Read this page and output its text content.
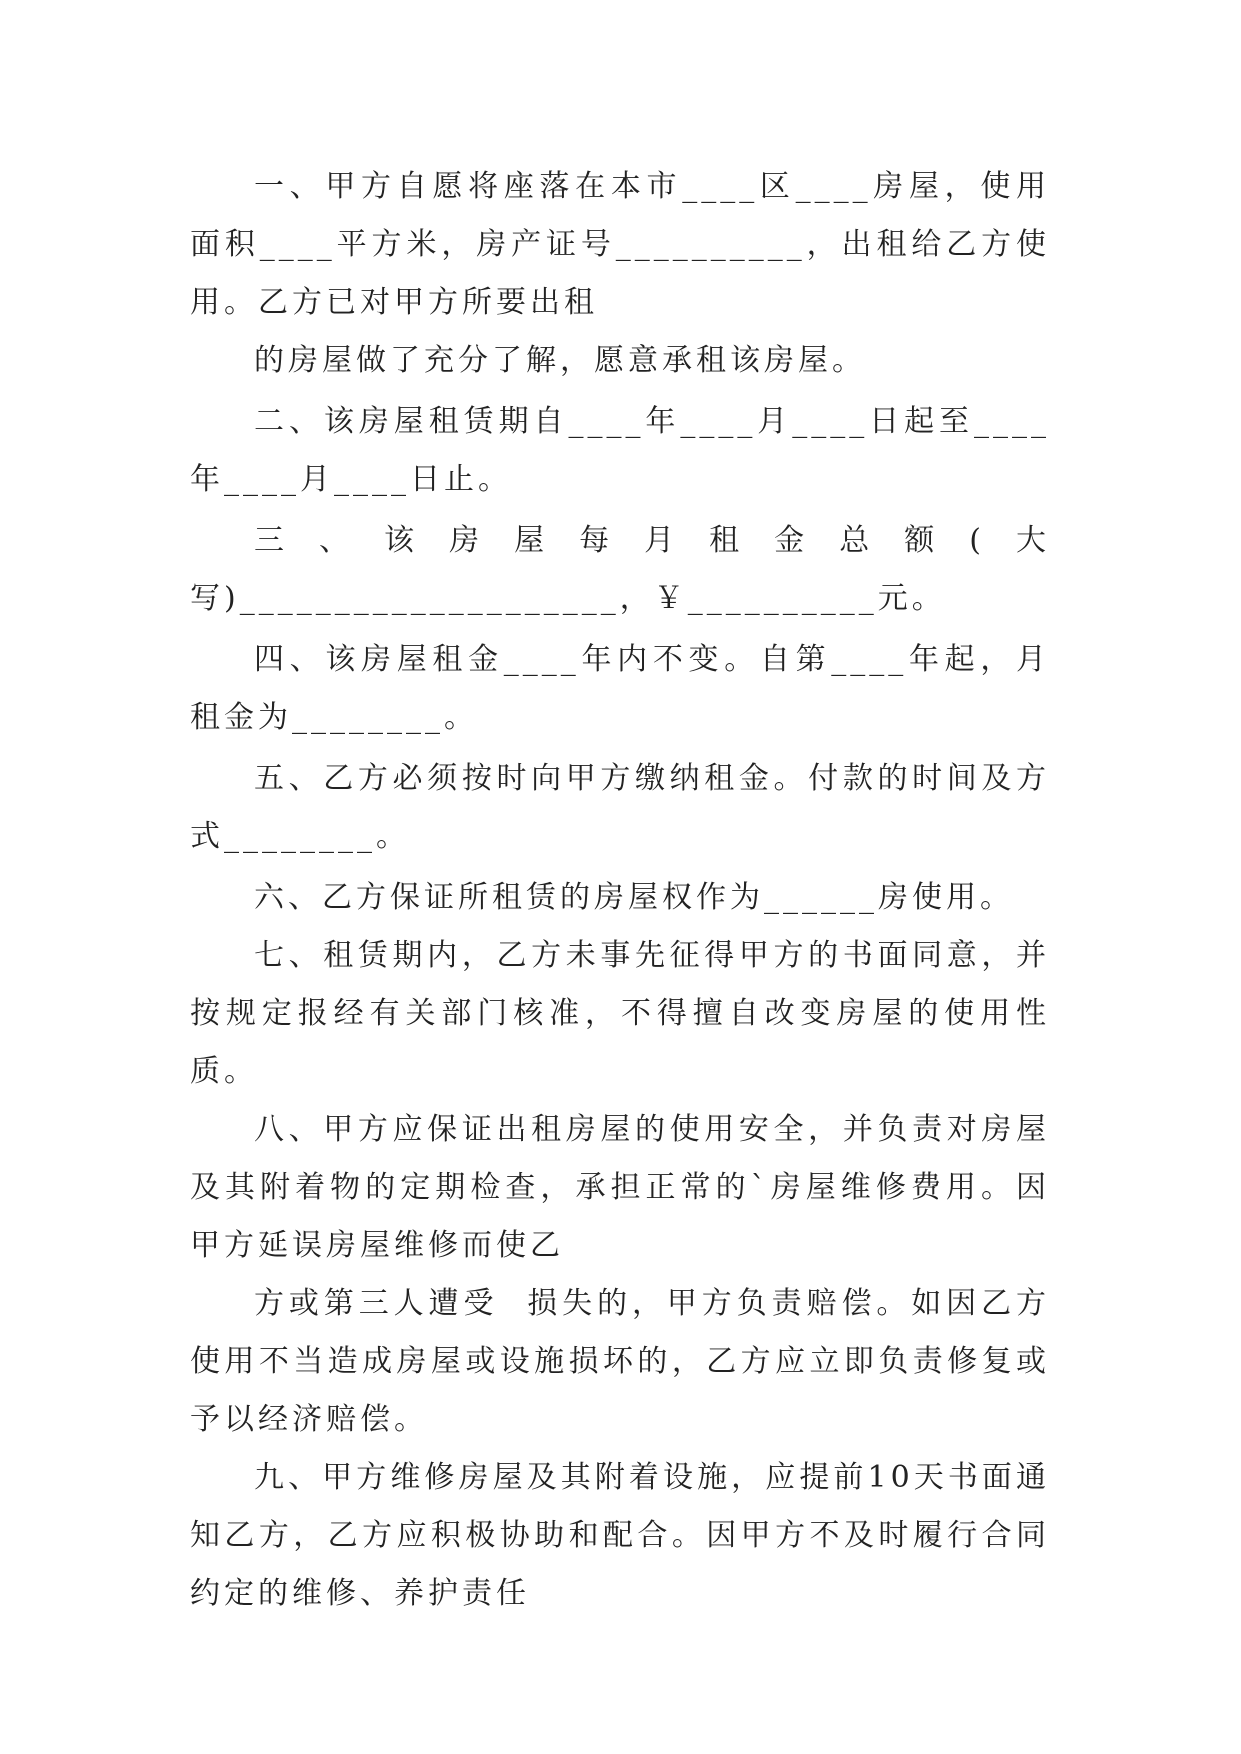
一、甲方自愿将座落在本市____区____房屋，使用面积____平方米，房产证号__________，出租给乙方使用。乙方已对甲方所要出租

的房屋做了充分了解，愿意承租该房屋。

二、该房屋租赁期自____年____月____日起至____年____月____日止。

三、该房屋每月租金总额(大写)____________________，￥__________元。

四、该房屋租金____年内不变。自第____年起，月租金为________。

五、乙方必须按时向甲方缴纳租金。付款的时间及方式________。

六、乙方保证所租赁的房屋权作为______房使用。

七、租赁期内，乙方未事先征得甲方的书面同意，并按规定报经有关部门核准，不得擅自改变房屋的使用性质。

八、甲方应保证出租房屋的使用安全，并负责对房屋及其附着物的定期检查，承担正常的`房屋维修费用。因甲方延误房屋维修而使乙

方或第三人遭受  损失的，甲方负责赔偿。如因乙方使用不当造成房屋或设施损坏的，乙方应立即负责修复或予以经济赔偿。

九、甲方维修房屋及其附着设施，应提前10天书面通知乙方，乙方应积极协助和配合。因甲方不及时履行合同约定的维修、养护责任
